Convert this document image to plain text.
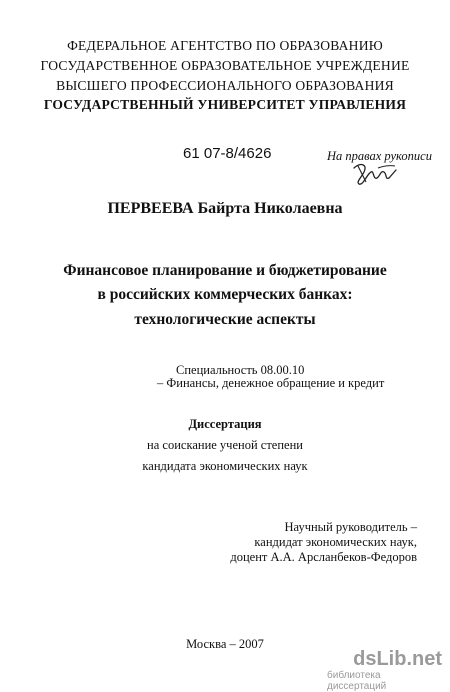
ФЕДЕРАЛЬНОЕ АГЕНТСТВО ПО ОБРАЗОВАНИЮ
ГОСУДАРСТВЕННОЕ ОБРАЗОВАТЕЛЬНОЕ УЧРЕЖДЕНИЕ
ВЫСШЕГО ПРОФЕССИОНАЛЬНОГО ОБРАЗОВАНИЯ
ГОСУДАРСТВЕННЫЙ УНИВЕРСИТЕТ УПРАВЛЕНИЯ
61 07-8/4626	На правах рукописи
ПЕРВЕЕВА Байрта Николаевна
Финансовое планирование и бюджетирование
в российских коммерческих банках:
технологические аспекты
Специальность 08.00.10
– Финансы, денежное обращение и кредит
Диссертация
на соискание ученой степени
кандидата экономических наук
Научный руководитель –
кандидат экономических наук,
доцент А.А. Арсланбеков-Федоров
Москва – 2007
dsLib.net
библиотека диссертаций
